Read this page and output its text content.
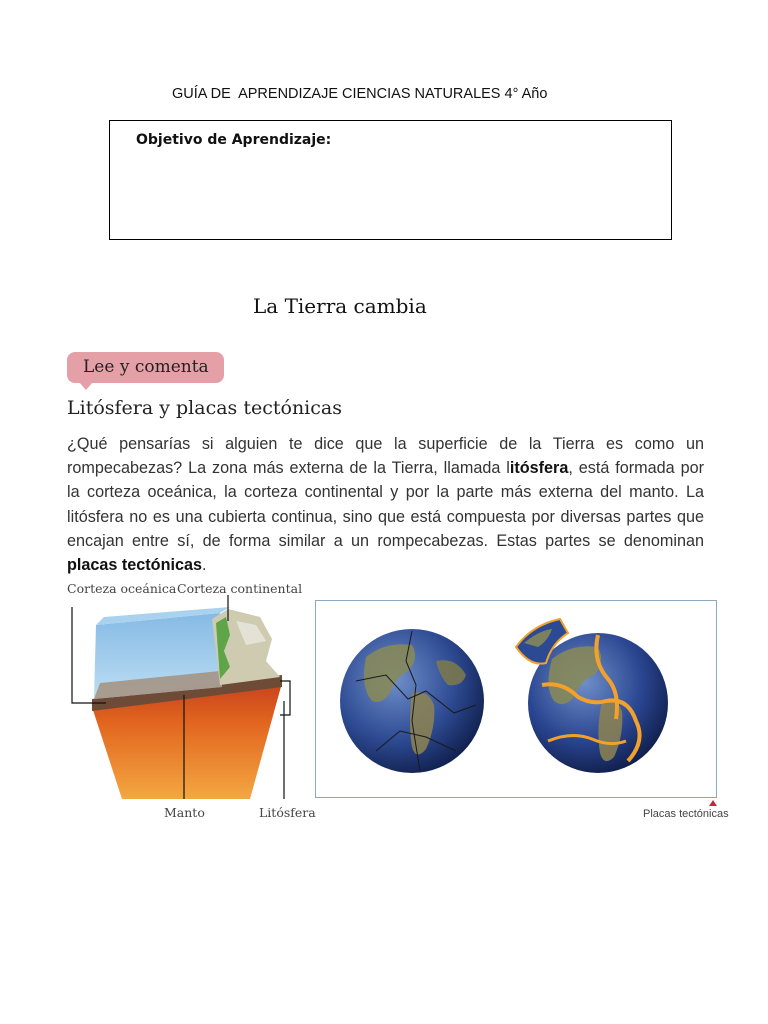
GUÍA DE  APRENDIZAJE CIENCIAS NATURALES 4° Año
Objetivo de Aprendizaje:
La Tierra cambia
Lee y comenta
Litósfera y placas tectónicas
¿Qué pensarías si alguien te dice que la superficie de la Tierra es como un rompecabezas? La zona más externa de la Tierra, llamada litósfera, está formada por la corteza oceánica, la corteza continental y por la parte más externa del manto. La litósfera no es una cubierta continua, sino que está compuesta por diversas partes que encajan entre sí, de forma similar a un rompecabezas. Estas partes se denominan placas tectónicas.
Corteza oceánica Corteza continental
Manto	Litósfera	Placas tectónicas
